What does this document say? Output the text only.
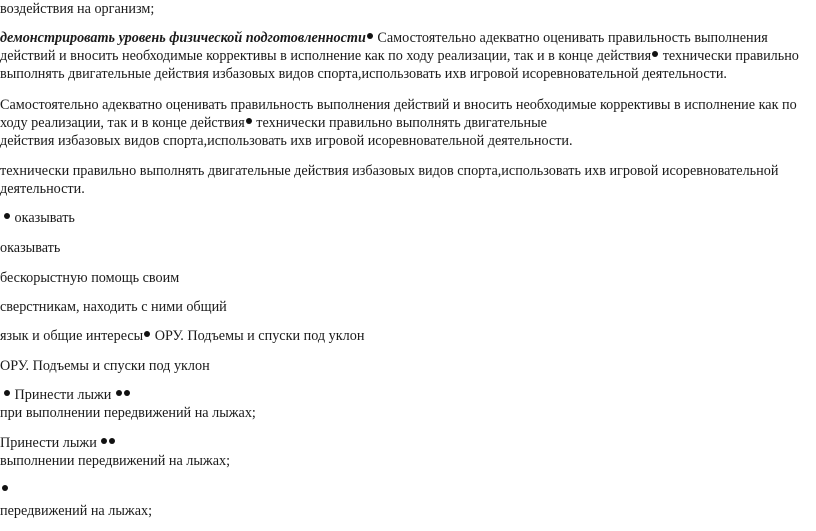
воздействия на организм;
демонстрировать уровень физической подготовленности Самостоятельно адекватно оценивать правильность выполнения
действий и вносить необходимые коррективы в исполнение как по ходу реализации, так и в конце действия технически правильно
выполнять двигательные действия избазовых видов спорта,использовать ихв игровой исоревновательной деятельности.
Самостоятельно адекватно оценивать правильность выполнения действий и вносить необходимые коррективы в исполнение как по
ходу реализации, так и в конце действия технически правильно выполнять двигательные
действия избазовых видов спорта,использовать ихв игровой исоревновательной деятельности.
технически правильно выполнять двигательные действия избазовых видов спорта,использовать ихв игровой исоревновательной
деятельности.
оказывать
оказывать
бескорыстную помощь своим
сверстникам, находить с ними общий
язык и общие интересы ОРУ. Подъемы и спуски под уклон
ОРУ. Подъемы и спуски под уклон
Принести лыжи
при выполнении передвижений на лыжах;
Принести лыжи
выполнении передвижений на лыжах;
передвижений на лыжах;
